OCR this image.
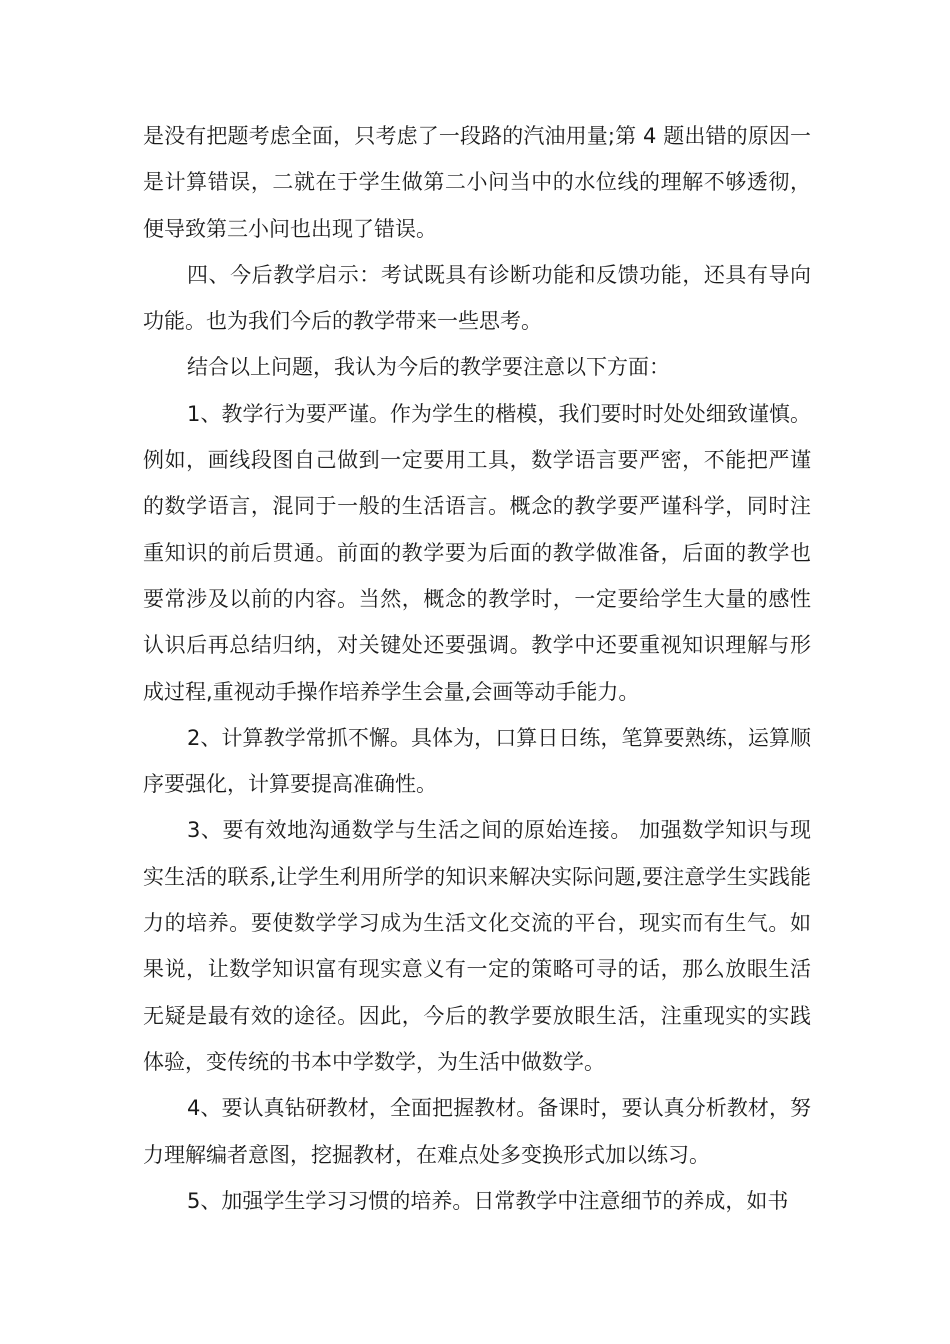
是没有把题考虑全面，只考虑了一段路的汽油用量;第 4 题出错的原因一是计算错误，二就在于学生做第二小问当中的水位线的理解不够透彻，便导致第三小问也出现了错误。

四、今后教学启示：考试既具有诊断功能和反馈功能，还具有导向功能。也为我们今后的教学带来一些思考。

结合以上问题，我认为今后的教学要注意以下方面：

1、教学行为要严谨。作为学生的楷模，我们要时时处处细致谨慎。例如，画线段图自己做到一定要用工具，数学语言要严密，不能把严谨的数学语言，混同于一般的生活语言。概念的教学要严谨科学，同时注重知识的前后贯通。前面的教学要为后面的教学做准备，后面的教学也要常涉及以前的内容。当然，概念的教学时，一定要给学生大量的感性认识后再总结归纳，对关键处还要强调。教学中还要重视知识理解与形成过程,重视动手操作培养学生会量,会画等动手能力。

2、计算教学常抓不懈。具体为，口算日日练，笔算要熟练，运算顺序要强化，计算要提高准确性。

3、要有效地沟通数学与生活之间的原始连接。 加强数学知识与现实生活的联系,让学生利用所学的知识来解决实际问题,要注意学生实践能力的培养。要使数学学习成为生活文化交流的平台，现实而有生气。如果说，让数学知识富有现实意义有一定的策略可寻的话，那么放眼生活无疑是最有效的途径。因此，今后的教学要放眼生活，注重现实的实践体验，变传统的书本中学数学，为生活中做数学。

4、要认真钻研教材，全面把握教材。备课时，要认真分析教材，努力理解编者意图，挖掘教材，在难点处多变换形式加以练习。

5、加强学生学习习惯的培养。日常教学中注意细节的养成，如书
